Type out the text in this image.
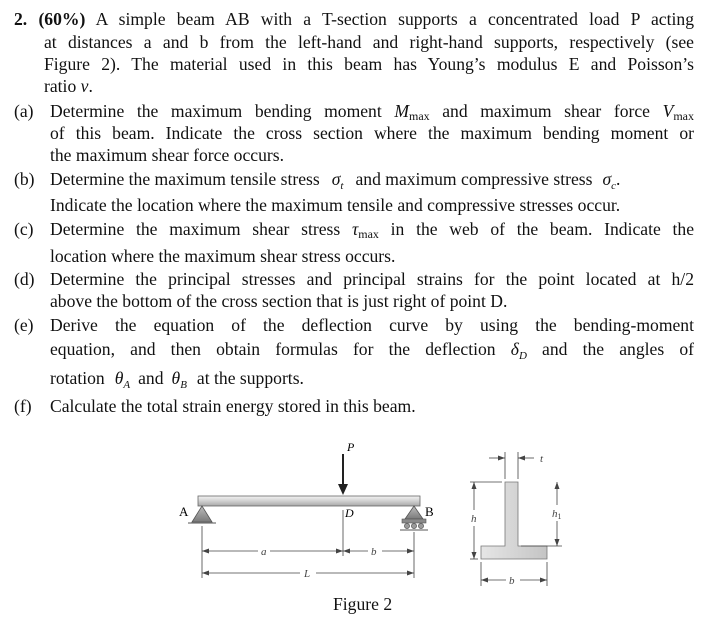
2. (60%) A simple beam AB with a T-section supports a concentrated load P acting
at distances a and b from the left-hand and right-hand supports, respectively (see
Figure 2). The material used in this beam has Young’s modulus E and Poisson’s
ratio ν.
(a) Determine the maximum bending moment Mmax and maximum shear force Vmax
of this beam. Indicate the cross section where the maximum bending moment or
the maximum shear force occurs.
(b) Determine the maximum tensile stress $\sigma_t$ and maximum compressive stress $\sigma_c$.
Indicate the location where the maximum tensile and compressive stresses occur.
(c) Determine the maximum shear stress τmax in the web of the beam. Indicate the
location where the maximum shear stress occurs.
(d) Determine the principal stresses and principal strains for the point located at h/2
above the bottom of the cross section that is just right of point D.
(e) Derive the equation of the deflection curve by using the bending-moment
equation, and then obtain formulas for the deflection $\delta_D$ and the angles of
rotation $\theta_A$ and $\theta_B$ at the supports.
(f) Calculate the total strain energy stored in this beam.
P
A	B
D
a	b
L
t
h	h1
b
Figure 2
